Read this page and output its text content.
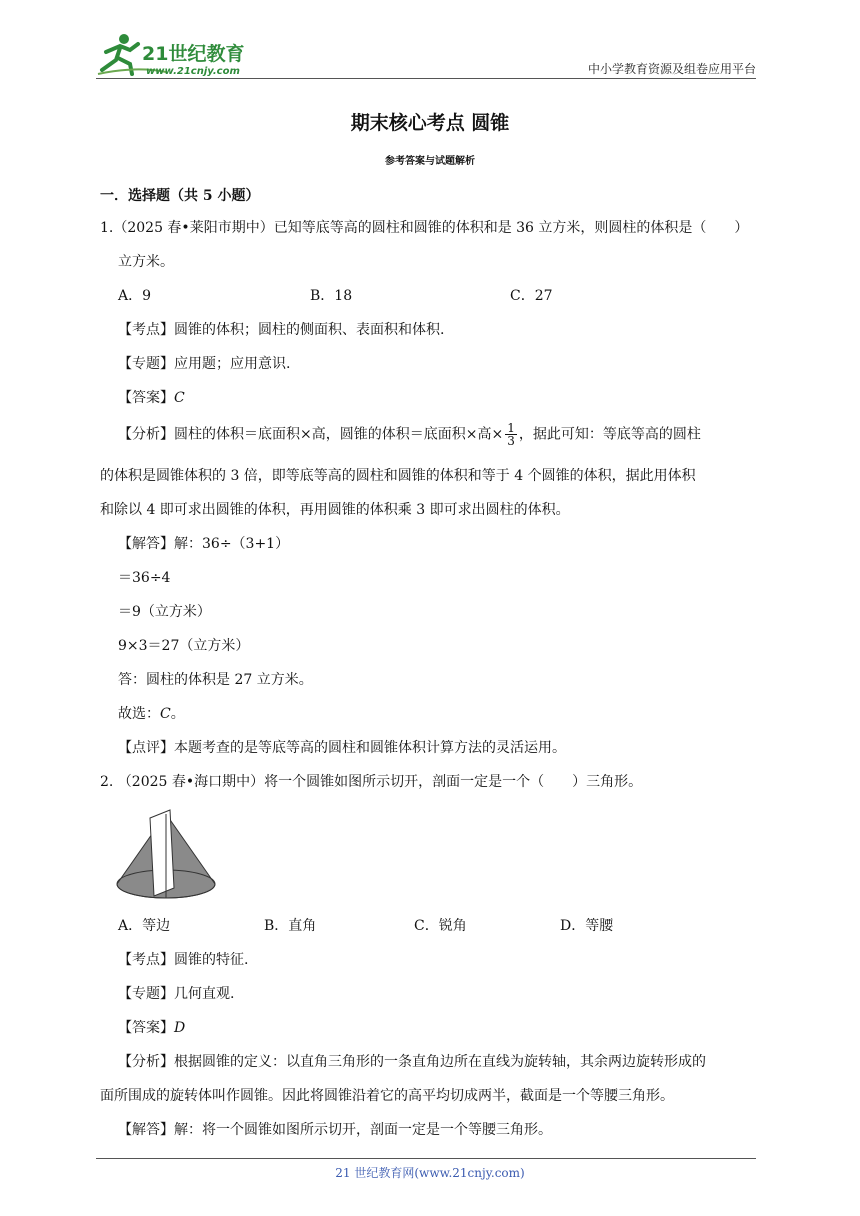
21世纪教育
www.21cnjy.com	中小学教育资源及组卷应用平台
期末核心考点 圆锥
参考答案与试题解析
一．选择题（共 5 小题）
1.（2025 春•莱阳市期中）已知等底等高的圆柱和圆锥的体积和是 36 立方米，则圆柱的体积是（　　）
立方米。
A．9	B．18	C．27
【考点】圆锥的体积；圆柱的侧面积、表面积和体积.
【专题】应用题；应用意识.
【答案】C
【分析】圆柱的体积＝底面积×高，圆锥的体积＝底面积×高× $\frac{1}{3}$ ，据此可知：等底等高的圆柱
的体积是圆锥体积的 3 倍，即等底等高的圆柱和圆锥的体积和等于 4 个圆锥的体积，据此用体积
和除以 4 即可求出圆锥的体积，再用圆锥的体积乘 3 即可求出圆柱的体积。
【解答】解：36÷（3+1）
＝36÷4
＝9（立方米）
9×3＝27（立方米）
答：圆柱的体积是 27 立方米。
故选：C。
【点评】本题考查的是等底等高的圆柱和圆锥体积计算方法的灵活运用。
2. （2025 春•海口期中）将一个圆锥如图所示切开，剖面一定是一个（　　）三角形。
A．等边	B．直角	C．锐角	D．等腰
【考点】圆锥的特征.
【专题】几何直观.
【答案】D
【分析】根据圆锥的定义：以直角三角形的一条直角边所在直线为旋转轴，其余两边旋转形成的
面所围成的旋转体叫作圆锥。因此将圆锥沿着它的高平均切成两半，截面是一个等腰三角形。
【解答】解：将一个圆锥如图所示切开，剖面一定是一个等腰三角形。
21 世纪教育网(www.21cnjy.com)
